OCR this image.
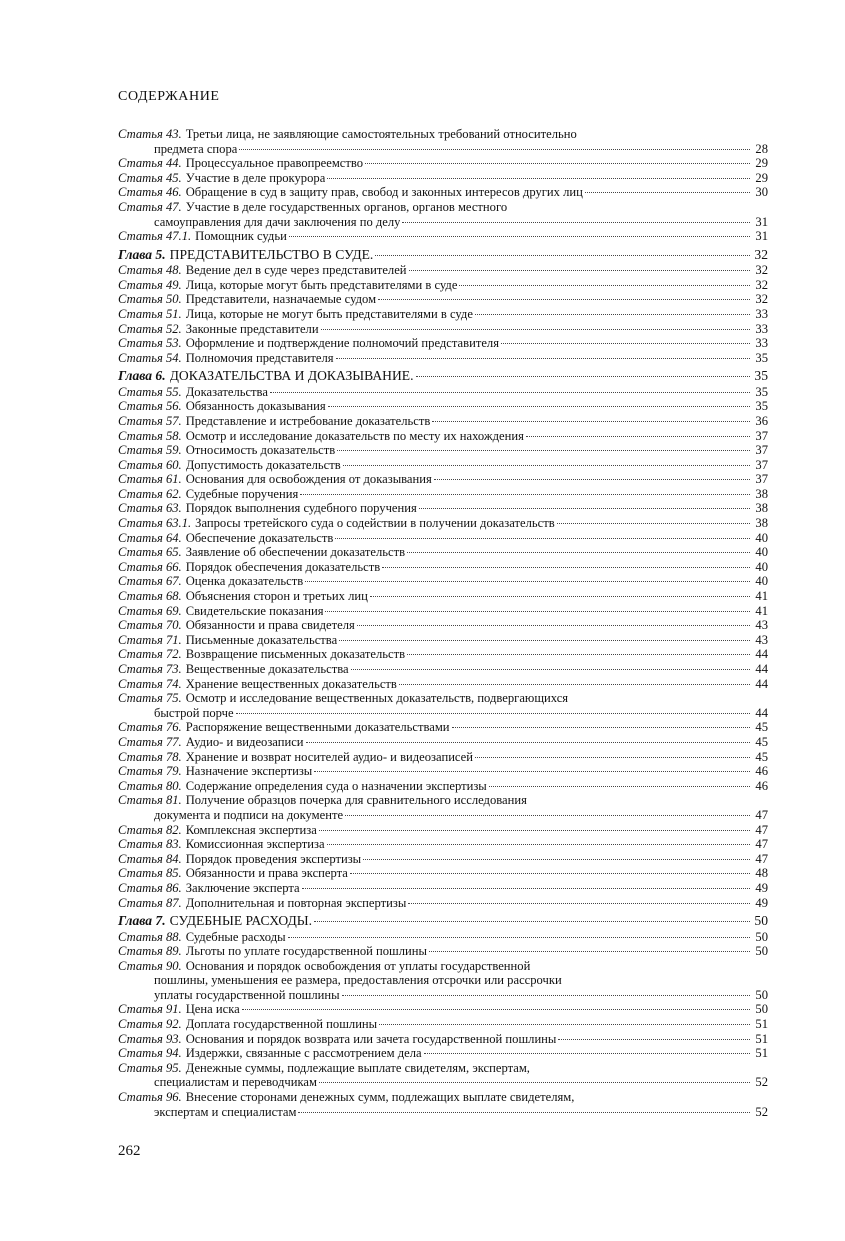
СОДЕРЖАНИЕ
Статья 43. Третьи лица, не заявляющие самостоятельных требований относительно
предмета спора	28
Статья 44. Процессуальное правопреемство	29
Статья 45. Участие в деле прокурора	29
Статья 46. Обращение в суд в защиту прав, свобод и законных интересов других лиц	30
Статья 47. Участие в деле государственных органов, органов местного
самоуправления для дачи заключения по делу	31
Статья 47.1. Помощник судьи	31
Глава 5. ПРЕДСТАВИТЕЛЬСТВО В СУДЕ.	32
Статья 48. Ведение дел в суде через представителей	32
Статья 49. Лица, которые могут быть представителями в суде	32
Статья 50. Представители, назначаемые судом	32
Статья 51. Лица, которые не могут быть представителями в суде	33
Статья 52. Законные представители	33
Статья 53. Оформление и подтверждение полномочий представителя	33
Статья 54. Полномочия представителя	35
Глава 6. ДОКАЗАТЕЛЬСТВА И ДОКАЗЫВАНИЕ.	35
Статья 55. Доказательства	35
Статья 56. Обязанность доказывания	35
Статья 57. Представление и истребование доказательств	36
Статья 58. Осмотр и исследование доказательств по месту их нахождения	37
Статья 59. Относимость доказательств	37
Статья 60. Допустимость доказательств	37
Статья 61. Основания для освобождения от доказывания	37
Статья 62. Судебные поручения	38
Статья 63. Порядок выполнения судебного поручения	38
Статья 63.1. Запросы третейского суда о содействии в получении доказательств	38
Статья 64. Обеспечение доказательств	40
Статья 65. Заявление об обеспечении доказательств	40
Статья 66. Порядок обеспечения доказательств	40
Статья 67. Оценка доказательств	40
Статья 68. Объяснения сторон и третьих лиц	41
Статья 69. Свидетельские показания	41
Статья 70. Обязанности и права свидетеля	43
Статья 71. Письменные доказательства	43
Статья 72. Возвращение письменных доказательств	44
Статья 73. Вещественные доказательства	44
Статья 74. Хранение вещественных доказательств	44
Статья 75. Осмотр и исследование вещественных доказательств, подвергающихся
быстрой порче	44
Статья 76. Распоряжение вещественными доказательствами	45
Статья 77. Аудио- и видеозаписи	45
Статья 78. Хранение и возврат носителей аудио- и видеозаписей	45
Статья 79. Назначение экспертизы	46
Статья 80. Содержание определения суда о назначении экспертизы	46
Статья 81. Получение образцов почерка для сравнительного исследования
документа и подписи на документе	47
Статья 82. Комплексная экспертиза	47
Статья 83. Комиссионная экспертиза	47
Статья 84. Порядок проведения экспертизы	47
Статья 85. Обязанности и права эксперта	48
Статья 86. Заключение эксперта	49
Статья 87. Дополнительная и повторная экспертизы	49
Глава 7. СУДЕБНЫЕ РАСХОДЫ.	50
Статья 88. Судебные расходы	50
Статья 89. Льготы по уплате государственной пошлины	50
Статья 90. Основания и порядок освобождения от уплаты государственной
пошлины, уменьшения ее размера, предоставления отсрочки или рассрочки
уплаты государственной пошлины	50
Статья 91. Цена иска	50
Статья 92. Доплата государственной пошлины	51
Статья 93. Основания и порядок возврата или зачета государственной пошлины	51
Статья 94. Издержки, связанные с рассмотрением дела	51
Статья 95. Денежные суммы, подлежащие выплате свидетелям, экспертам,
специалистам и переводчикам	52
Статья 96. Внесение сторонами денежных сумм, подлежащих выплате свидетелям,
экспертам и специалистам	52
262
